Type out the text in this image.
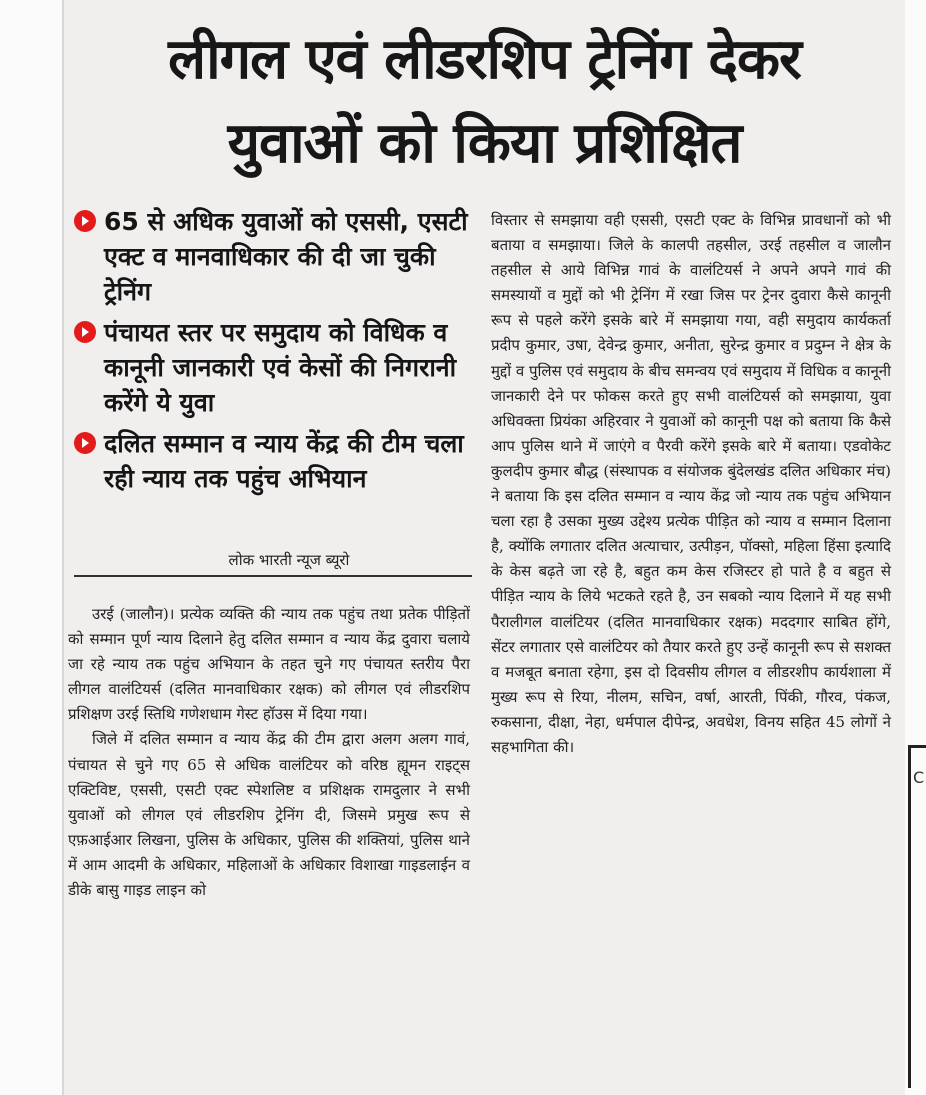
C
लीगल एवं लीडरशिप ट्रेनिंग देकर
युवाओं को किया प्रशिक्षित
65 से अधिक युवाओं को एससी, एसटी एक्ट व मानवाधिकार की दी जा चुकी ट्रेनिंग
पंचायत स्तर पर समुदाय को विधिक व कानूनी जानकारी एवं केसों की निगरानी करेंगे ये युवा
दलित सम्मान व न्याय केंद्र की टीम चला रही न्याय तक पहुंच अभियान
लोक भारती न्यूज ब्यूरो

उरई (जालौन)। प्रत्येक व्यक्ति की न्याय तक पहुंच तथा प्रतेक पीड़ितों को सम्मान पूर्ण न्याय दिलाने हेतु दलित सम्मान व न्याय केंद्र दुवारा चलाये जा रहे न्याय तक पहुंच अभियान के तहत चुने गए पंचायत स्तरीय पैरा लीगल वालंटियर्स (दलित मानवाधिकार रक्षक) को लीगल एवं लीडरशिप प्रशिक्षण उरई स्तिथि गणेशधाम गेस्ट हॉउस में दिया गया।

जिले में दलित सम्मान व न्याय केंद्र की टीम द्वारा अलग अलग गावं, पंचायत से चुने गए 65 से अधिक वालंटियर को वरिष्ठ ह्यूमन राइट्स एक्टिविष्ट, एससी, एसटी एक्ट स्पेशलिष्ट व प्रशिक्षक रामदुलार ने सभी युवाओं को लीगल एवं लीडरशिप ट्रेनिंग दी, जिसमे प्रमुख रूप से एफ़आईआर लिखना, पुलिस के अधिकार, पुलिस की शक्तियां, पुलिस थाने में आम आदमी के अधिकार, महिलाओं के अधिकार विशाखा गाइडलाईन व डीके बासु गाइड लाइन को

विस्तार से समझाया वही एससी, एसटी एक्ट के विभिन्न प्रावधानों को भी बताया व समझाया। जिले के कालपी तहसील, उरई तहसील व जालौन तहसील से आये विभिन्न गावं के वालंटियर्स ने अपने अपने गावं की समस्यायों व मुद्दों को भी ट्रेनिंग में रखा जिस पर ट्रेनर दुवारा कैसे कानूनी रूप से पहले करेंगे इसके बारे में समझाया गया, वही समुदाय कार्यकर्ता प्रदीप कुमार, उषा, देवेन्द्र कुमार, अनीता, सुरेन्द्र कुमार व प्रदुम्न ने क्षेत्र के मुद्दों व पुलिस एवं समुदाय के बीच समन्वय एवं समुदाय में विधिक व कानूनी जानकारी देने पर फोकस करते हुए सभी वालंटियर्स को समझाया, युवा अधिवक्ता प्रियंका अहिरवार ने युवाओं को कानूनी पक्ष को बताया कि कैसे आप पुलिस थाने में जाएंगे व पैरवी करेंगे इसके बारे में बताया। एडवोकेट कुलदीप कुमार बौद्ध (संस्थापक व संयोजक बुंदेलखंड दलित अधिकार मंच) ने बताया कि इस दलित सम्मान व न्याय केंद्र जो न्याय तक पहुंच अभियान चला रहा है उसका मुख्य उद्देश्य प्रत्येक पीड़ित को न्याय व सम्मान दिलाना है, क्योंकि लगातार दलित अत्याचार, उत्पीड़न, पॉक्सो, महिला हिंसा इत्यादि के केस बढ़ते जा रहे है, बहुत कम केस रजिस्टर हो पाते है व बहुत से पीड़ित न्याय के लिये भटकते रहते है, उन सबको न्याय दिलाने में यह सभी पैरालीगल वालंटियर (दलित मानवाधिकार रक्षक) मददगार साबित होंगे, सेंटर लगातार एसे वालंटियर को तैयार करते हुए उन्हें कानूनी रूप से सशक्त व मजबूत बनाता रहेगा, इस दो दिवसीय लीगल व लीडरशीप कार्यशाला में मुख्य रूप से रिया, नीलम, सचिन, वर्षा, आरती, पिंकी, गौरव, पंकज, रुकसाना, दीक्षा, नेहा, धर्मपाल दीपेन्द्र, अवधेश, विनय सहित 45 लोगों ने सहभागिता की।
